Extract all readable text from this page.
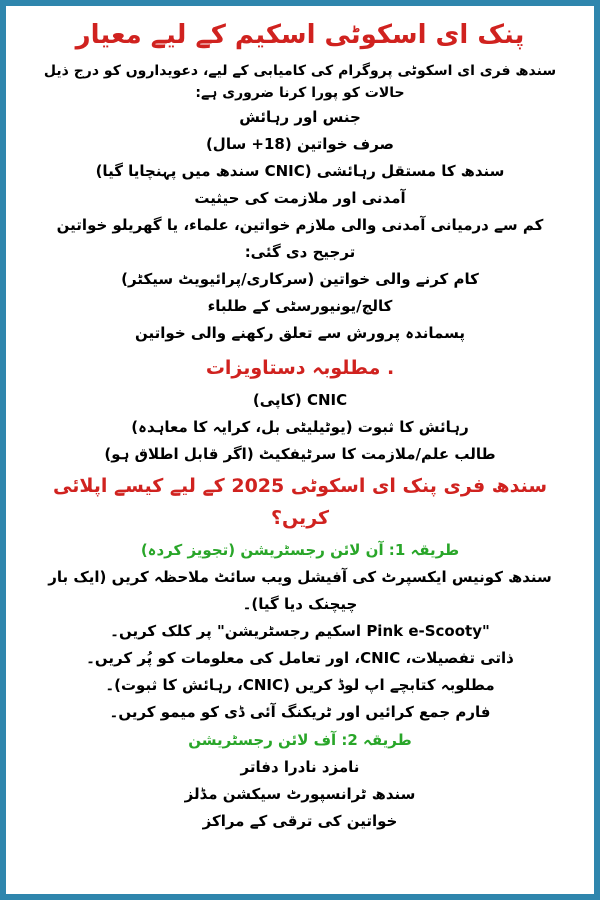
پنک ای اسکوٹی اسکیم کے لیے معیار

سندھ فری ای اسکوٹی پروگرام کی کامیابی کے لیے، دعویداروں کو درج ذیل حالات کو پورا کرنا ضروری ہے:

جنس اور رہائش

صرف خواتین (18+ سال)

سندھ کا مستقل رہائشی (CNIC سندھ میں پہنچایا گیا)

آمدنی اور ملازمت کی حیثیت

کم سے درمیانی آمدنی والی ملازم خواتین، علماء، یا گھریلو خواتین

ترجیح دی گئی:

کام کرنے والی خواتین (سرکاری/پرائیویٹ سیکٹر)

کالج/یونیورسٹی کے طلباء

پسماندہ پرورش سے تعلق رکھنے والی خواتین

. مطلوبہ دستاویزات

CNIC (کاپی)

رہائش کا ثبوت (یوٹیلیٹی بل، کرایہ کا معاہدہ)

طالب علم/ملازمت کا سرٹیفکیٹ (اگر قابل اطلاق ہو)

سندھ فری پنک ای اسکوٹی 2025 کے لیے کیسے اپلائی کریں؟
طریقہ 1: آن لائن رجسٹریشن (تجویز کردہ)

سندھ کونیس ایکسپرٹ کی آفیشل ویب سائٹ ملاحظہ کریں (ایک بار چیچنک دیا گیا)۔

"Pink e-Scooty اسکیم رجسٹریشن" پر کلک کریں۔

ذاتی تفصیلات، CNIC، اور تعامل کی معلومات کو پُر کریں۔

مطلوبہ کتابچے اپ لوڈ کریں (CNIC، رہائش کا ثبوت)۔

فارم جمع کرائیں اور ٹریکنگ آئی ڈی کو میمو کریں۔

طریقہ 2: آف لائن رجسٹریشن

نامزد نادرا دفاتر

سندھ ٹرانسپورٹ سیکشن مڈلز

خواتین کی ترقی کے مراکز
